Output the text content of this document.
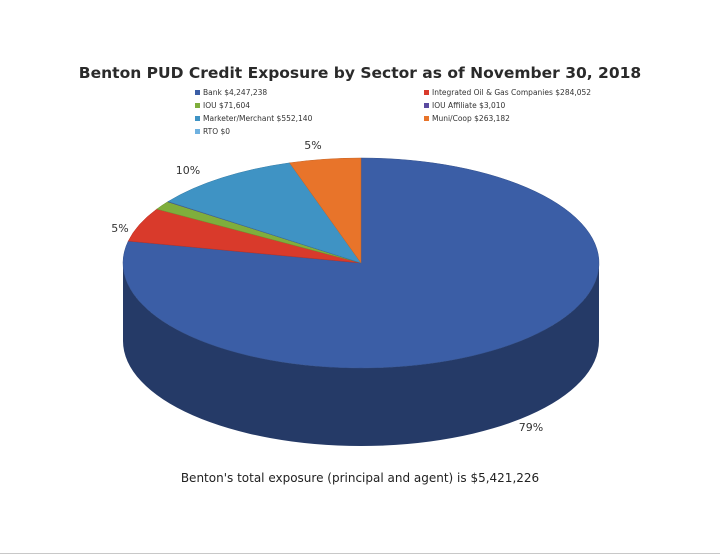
Benton PUD Credit Exposure by Sector as of November 30, 2018
Bank $4,247,238	Integrated Oil & Gas Companies $284,052
IOU $71,604	IOU Affiliate $3,010
Marketer/Merchant $552,140	Muni/Coop $263,182
RTO $0
79%
5%
10%
5%
Benton's total exposure (principal and agent) is $5,421,226
